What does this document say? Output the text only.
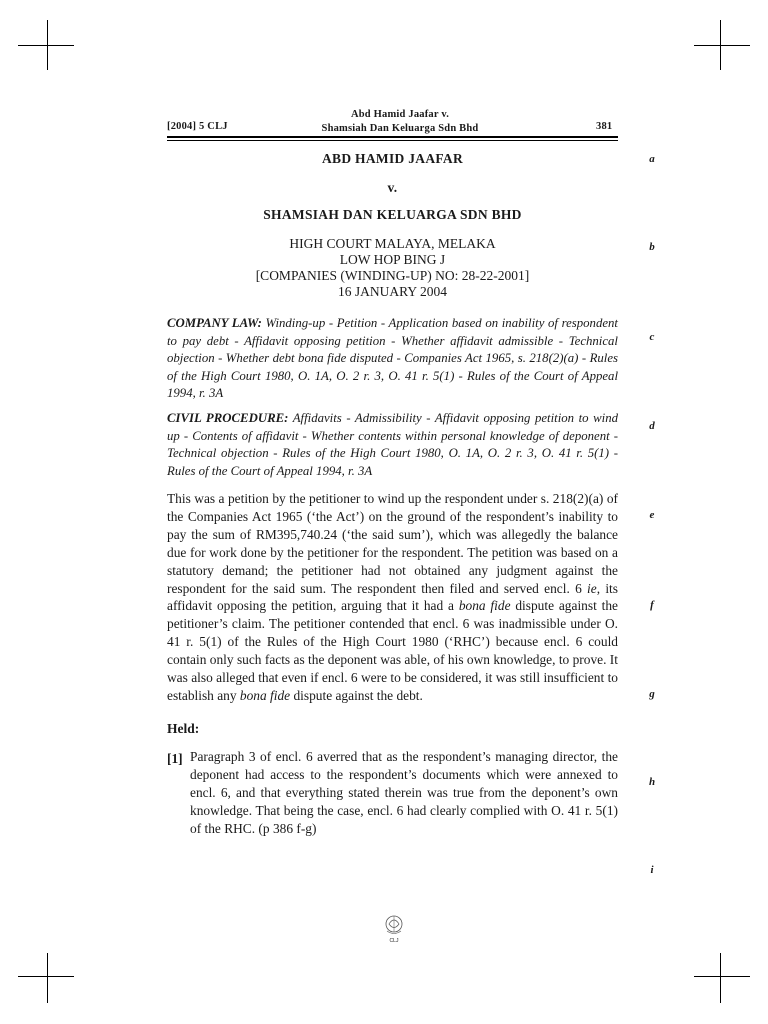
[2004] 5 CLJ
Abd Hamid Jaafar v.
Shamsiah Dan Keluarga Sdn Bhd	381
ABD HAMID JAAFAR
v.
SHAMSIAH DAN KELUARGA SDN BHD
HIGH COURT MALAYA, MELAKA
LOW HOP BING J
[COMPANIES (WINDING-UP) NO: 28-22-2001]
16 JANUARY 2004
COMPANY LAW: Winding-up - Petition - Application based on inability of respondent to pay debt - Affidavit opposing petition - Whether affidavit admissible - Technical objection - Whether debt bona fide disputed - Companies Act 1965, s. 218(2)(a) - Rules of the High Court 1980, O. 1A, O. 2 r. 3, O. 41 r. 5(1) - Rules of the Court of Appeal 1994, r. 3A
CIVIL PROCEDURE: Affidavits - Admissibility - Affidavit opposing petition to wind up - Contents of affidavit - Whether contents within personal knowledge of deponent - Technical objection - Rules of the High Court 1980, O. 1A, O. 2 r. 3, O. 41 r. 5(1) - Rules of the Court of Appeal 1994, r. 3A
This was a petition by the petitioner to wind up the respondent under s. 218(2)(a) of the Companies Act 1965 (‘the Act’) on the ground of the respondent’s inability to pay the sum of RM395,740.24 (‘the said sum’), which was allegedly the balance due for work done by the petitioner for the respondent. The petition was based on a statutory demand; the petitioner had not obtained any judgment against the respondent for the said sum. The respondent then filed and served encl. 6 ie, its affidavit opposing the petition, arguing that it had a bona fide dispute against the petitioner’s claim. The petitioner contended that encl. 6 was inadmissible under O. 41 r. 5(1) of the Rules of the High Court 1980 (‘RHC’) because encl. 6 could contain only such facts as the deponent was able, of his own knowledge, to prove. It was also alleged that even if encl. 6 were to be considered, it was still insufficient to establish any bona fide dispute against the debt.
Held:
[1] Paragraph 3 of encl. 6 averred that as the respondent’s managing director, the deponent had access to the respondent’s documents which were annexed to encl. 6, and that everything stated therein was true from the deponent’s own knowledge. That being the case, encl. 6 had clearly complied with O. 41 r. 5(1) of the RHC. (p 386 f-g)
a
b
c
d
e
f
g
h
i
CLJ
